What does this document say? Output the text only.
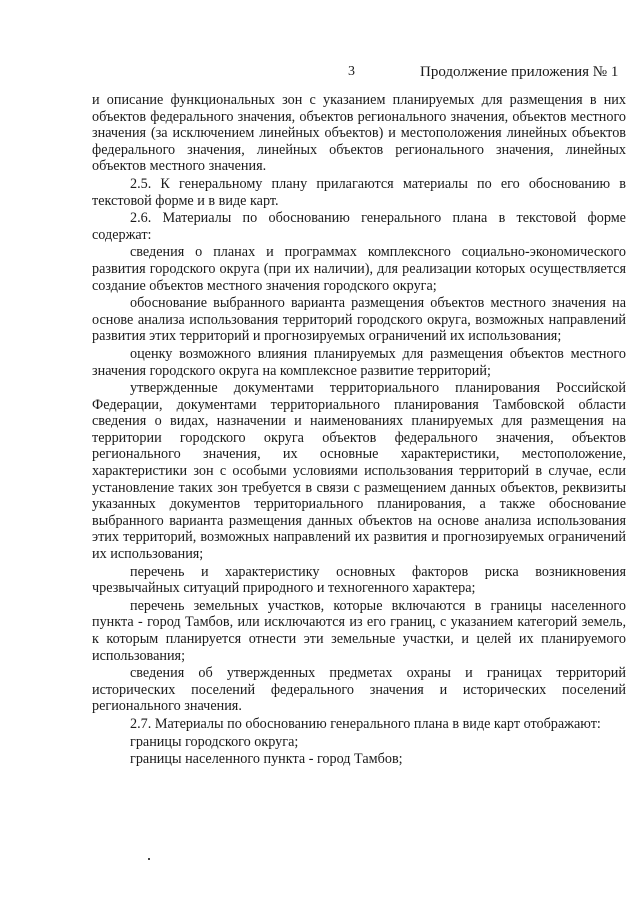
3	Продолжение приложения № 1

и описание функциональных зон с указанием планируемых для размещения в них объектов федерального значения, объектов регионального значения, объектов местного значения (за исключением линейных объектов) и местоположения линейных объектов федерального значения, линейных объектов регионального значения, линейных объектов местного значения.

2.5. К генеральному плану прилагаются материалы по его обоснованию в текстовой форме и в виде карт.

2.6. Материалы по обоснованию генерального плана в текстовой форме содержат:

сведения о планах и программах комплексного социально-экономического развития городского округа (при их наличии), для реализации которых осуществляется создание объектов местного значения городского округа;

обоснование выбранного варианта размещения объектов местного значения на основе анализа использования территорий городского округа, возможных направлений развития этих территорий и прогнозируемых ограничений их использования;

оценку возможного влияния планируемых для размещения объектов местного значения городского округа на комплексное развитие территорий;

утвержденные документами территориального планирования Российской Федерации, документами территориального планирования Тамбовской области сведения о видах, назначении и наименованиях планируемых для размещения на территории городского округа объектов федерального значения, объектов регионального значения, их основные характеристики, местоположение, характеристики зон с особыми условиями использования территорий в случае, если установление таких зон требуется в связи с размещением данных объектов, реквизиты указанных документов территориального планирования, а также обоснование выбранного варианта размещения данных объектов на основе анализа использования этих территорий, возможных направлений их развития и прогнозируемых ограничений их использования;

перечень и характеристику основных факторов риска возникновения чрезвычайных ситуаций природного и техногенного характера;

перечень земельных участков, которые включаются в границы населенного пункта - город Тамбов, или исключаются из его границ, с указанием категорий земель, к которым планируется отнести эти земельные участки, и целей их планируемого использования;

сведения об утвержденных предметах охраны и границах территорий исторических поселений федерального значения и исторических поселений регионального значения.

2.7. Материалы по обоснованию генерального плана в виде карт отображают:

границы городского округа;

границы населенного пункта - город Тамбов;
